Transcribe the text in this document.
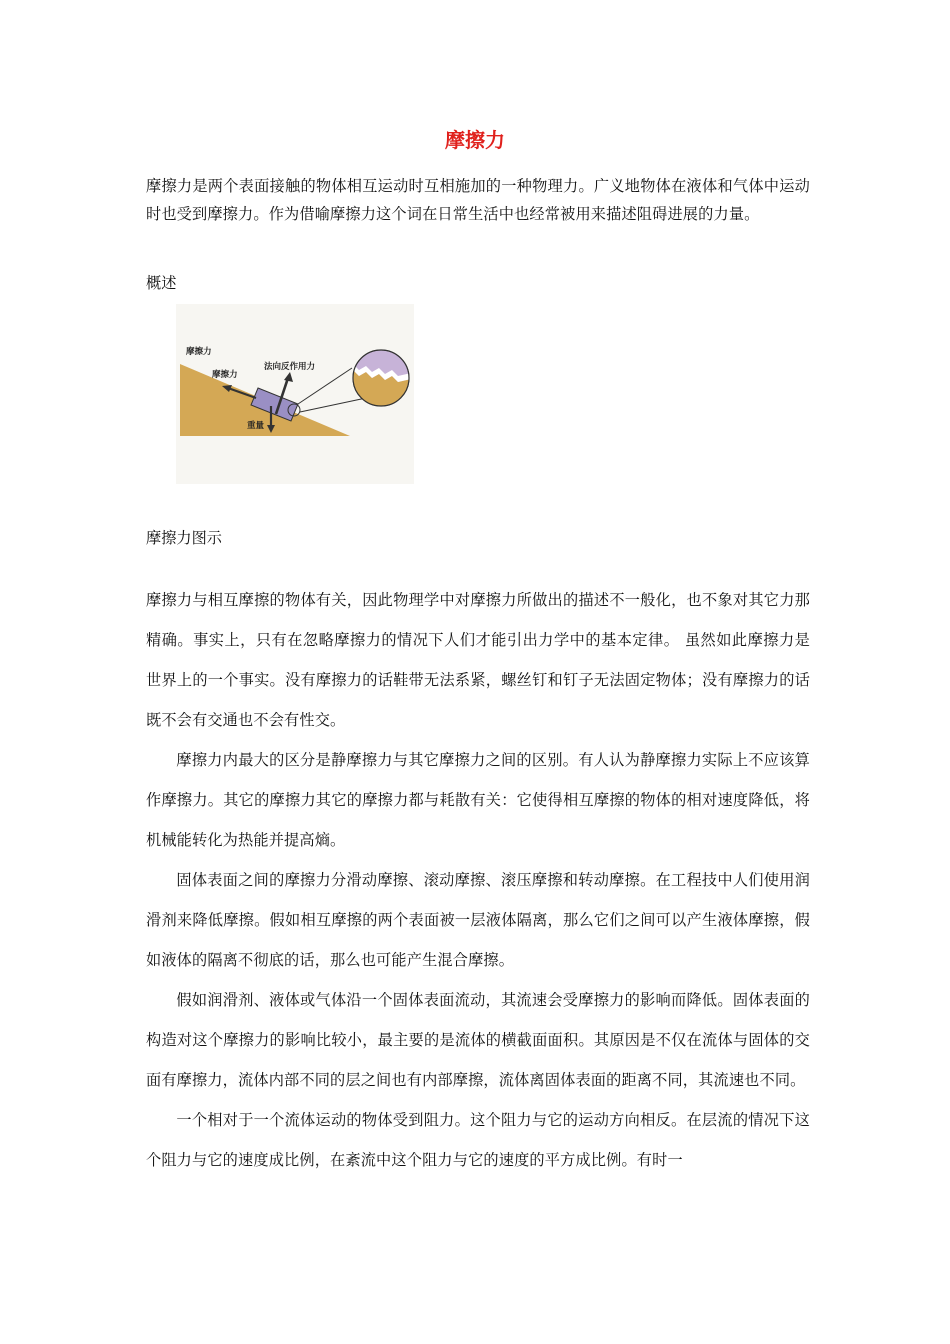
摩擦力
摩擦力是两个表面接触的物体相互运动时互相施加的一种物理力。广义地物体在液体和气体中运动时也受到摩擦力。作为借喻摩擦力这个词在日常生活中也经常被用来描述阻碍进展的力量。
概述
摩擦力
摩擦力
法向反作用力
重量
摩擦力图示

摩擦力与相互摩擦的物体有关，因此物理学中对摩擦力所做出的描述不一般化，也不象对其它力那精确。事实上，只有在忽略摩擦力的情况下人们才能引出力学中的基本定律。 虽然如此摩擦力是世界上的一个事实。没有摩擦力的话鞋带无法系紧，螺丝钉和钉子无法固定物体；没有摩擦力的话既不会有交通也不会有性交。

摩擦力内最大的区分是静摩擦力与其它摩擦力之间的区别。有人认为静摩擦力实际上不应该算作摩擦力。其它的摩擦力其它的摩擦力都与耗散有关：它使得相互摩擦的物体的相对速度降低，将机械能转化为热能并提高熵。

固体表面之间的摩擦力分滑动摩擦、滚动摩擦、滚压摩擦和转动摩擦。在工程技中人们使用润滑剂来降低摩擦。假如相互摩擦的两个表面被一层液体隔离，那么它们之间可以产生液体摩擦，假如液体的隔离不彻底的话，那么也可能产生混合摩擦。

假如润滑剂、液体或气体沿一个固体表面流动，其流速会受摩擦力的影响而降低。固体表面的构造对这个摩擦力的影响比较小，最主要的是流体的横截面面积。其原因是不仅在流体与固体的交面有摩擦力，流体内部不同的层之间也有内部摩擦，流体离固体表面的距离不同，其流速也不同。

一个相对于一个流体运动的物体受到阻力。这个阻力与它的运动方向相反。在层流的情况下这个阻力与它的速度成比例，在紊流中这个阻力与它的速度的平方成比例。有时一
